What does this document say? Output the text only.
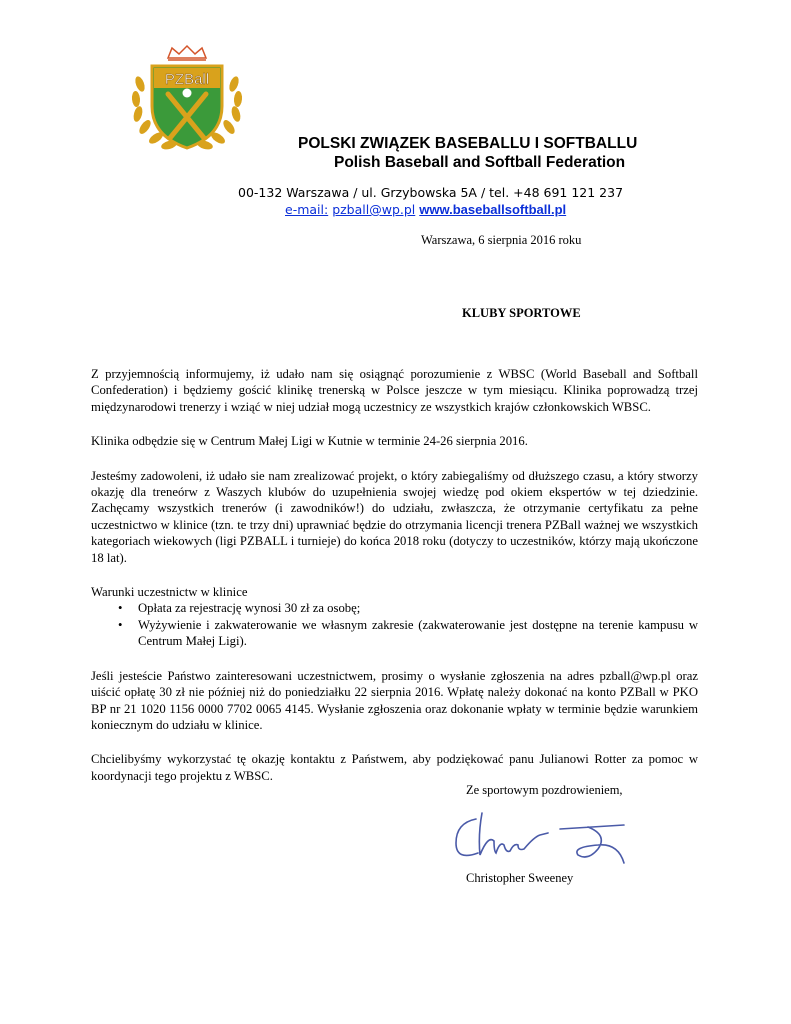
PZBall
POLSKI ZWIĄZEK BASEBALLU I SOFTBALLU
Polish Baseball and Softball Federation
00-132 Warszawa / ul. Grzybowska 5A / tel. +48 691 121 237
e-mail: pzball@wp.pl www.baseballsoftball.pl
Warszawa, 6 sierpnia 2016 roku
KLUBY SPORTOWE

Z przyjemnością informujemy, iż udało nam się osiągnąć porozumienie z WBSC (World Baseball and Softball Confederation) i będziemy gościć klinikę trenerską w Polsce jeszcze w tym miesiącu. Klinika poprowadzą trzej międzynarodowi trenerzy i wziąć w niej udział mogą uczestnicy ze wszystkich krajów członkowskich WBSC.

Klinika odbędzie się w Centrum Małej Ligi w Kutnie w terminie 24-26 sierpnia 2016.

Jesteśmy zadowoleni, iż udało sie nam zrealizować projekt, o który zabiegaliśmy od dłuższego czasu, a który stworzy okazję dla treneórw z Waszych klubów do uzupełnienia swojej wiedzę pod okiem ekspertów w tej dziedzinie. Zachęcamy wszystkich trenerów (i zawodników!) do udziału, zwłaszcza, że otrzymanie certyfikatu za pełne uczestnictwo w klinice (tzn. te trzy dni) uprawniać będzie do otrzymania licencji trenera PZBall ważnej we wszystkich kategoriach wiekowych (ligi PZBALL i turnieje) do końca 2018 roku (dotyczy to uczestników, którzy mają ukończone 18 lat).

Warunki uczestnictw w klinice

• Opłata za rejestrację wynosi 30 zł za osobę;
• Wyżywienie i zakwaterowanie we własnym zakresie (zakwaterowanie jest dostępne na terenie kampusu w Centrum Małej Ligi).

Jeśli jesteście Państwo zainteresowani uczestnictwem, prosimy o wysłanie zgłoszenia na adres pzball@wp.pl oraz uiścić opłatę 30 zł nie później niż do poniedziałku 22 sierpnia 2016. Wpłatę należy dokonać na konto PZBall w PKO BP nr 21 1020 1156 0000 7702 0065 4145. Wysłanie zgłoszenia oraz dokonanie wpłaty w terminie będzie warunkiem koniecznym do udziału w klinice.

Chcielibyśmy wykorzystać tę okazję kontaktu z Państwem, aby podziękować panu Julianowi Rotter za pomoc w koordynacji tego projektu z WBSC.

Ze sportowym pozdrowieniem,
Christopher Sweeney
